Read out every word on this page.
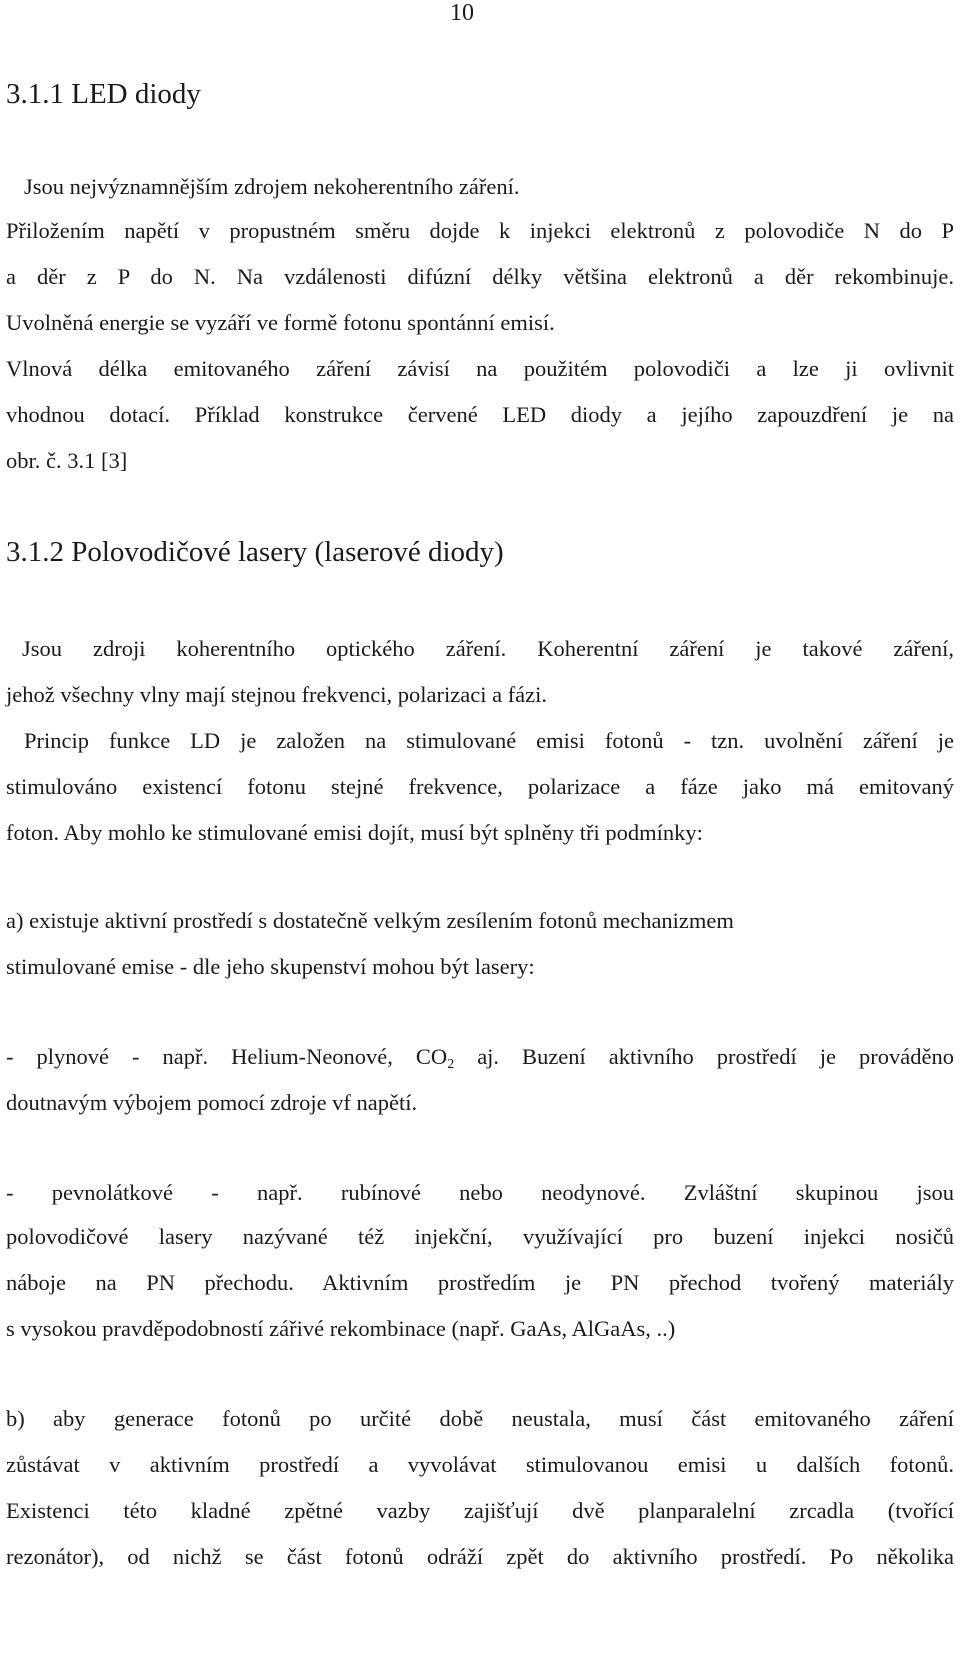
10
3.1.1 LED diody
Jsou nejvýznamnějším zdrojem nekoherentního záření.
Přiložením napětí v propustném směru dojde k injekci elektronů z polovodiče N do P
a děr z P do N. Na vzdálenosti difúzní délky většina elektronů a děr rekombinuje.
Uvolněná energie se vyzáří ve formě fotonu spontánní emisí.
Vlnová délka emitovaného záření závisí na použitém polovodiči a lze ji ovlivnit
vhodnou dotací. Příklad konstrukce červené LED diody a jejího zapouzdření je na
obr. č. 3.1 [3]
3.1.2 Polovodičové lasery (laserové diody)
Jsou zdroji koherentního optického záření. Koherentní záření je takové záření,
jehož všechny vlny mají stejnou frekvenci, polarizaci a fázi.
Princip funkce LD je založen na stimulované emisi fotonů - tzn. uvolnění záření je
stimulováno existencí fotonu stejné frekvence, polarizace a fáze jako má emitovaný
foton. Aby mohlo ke stimulované emisi dojít, musí být splněny tři podmínky:
a) existuje aktivní prostředí s dostatečně velkým zesílením fotonů mechanizmem
stimulované emise - dle jeho skupenství mohou být lasery:
- plynové - např. Helium-Neonové, $CO_2$ aj. Buzení aktivního prostředí je prováděno
doutnavým výbojem pomocí zdroje vf napětí.
- pevnolátkové - např. rubínové nebo neodynové. Zvláštní skupinou jsou
polovodičové lasery nazývané též injekční, využívající pro buzení injekci nosičů
náboje na PN přechodu. Aktivním prostředím je PN přechod tvořený materiály
s vysokou pravděpodobností zářivé rekombinace (např. GaAs, AlGaAs, ..)
b) aby generace fotonů po určité době neustala, musí část emitovaného záření
zůstávat v aktivním prostředí a vyvolávat stimulovanou emisi u dalších fotonů.
Existenci této kladné zpětné vazby zajišťují dvě planparalelní zrcadla (tvořící
rezonátor), od nichž se část fotonů odráží zpět do aktivního prostředí. Po několika
